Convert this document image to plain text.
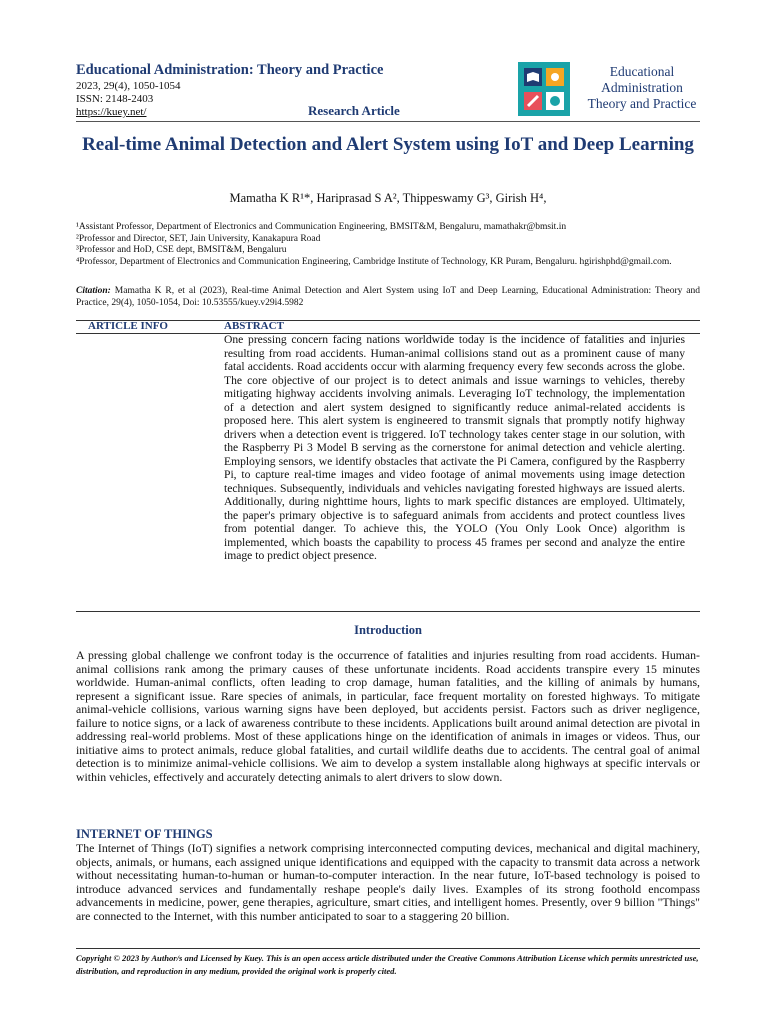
Educational Administration: Theory and Practice
2023, 29(4), 1050-1054
ISSN: 2148-2403
https://kuey.net/	Research Article
Educational
Administration
Theory and Practice
Real-time Animal Detection and Alert System using IoT and Deep Learning
Mamatha K R¹*, Hariprasad S A², Thippeswamy G³, Girish H⁴,

¹Assistant Professor, Department of Electronics and Communication Engineering, BMSIT&M, Bengaluru, mamathakr@bmsit.in

²Professor and Director, SET, Jain University, Kanakapura Road

³Professor and HoD, CSE dept, BMSIT&M, Bengaluru

⁴Professor, Department of Electronics and Communication Engineering, Cambridge Institute of Technology, KR Puram, Bengaluru. hgirishphd@gmail.com.

Citation: Mamatha K R, et al (2023), Real-time Animal Detection and Alert System using IoT and Deep Learning, Educational Administration: Theory and Practice, 29(4), 1050-1054, Doi: 10.53555/kuey.v29i4.5982
ARTICLE INFO	ABSTRACT
One pressing concern facing nations worldwide today is the incidence of fatalities and injuries resulting from road accidents. Human-animal collisions stand out as a prominent cause of many fatal accidents. Road accidents occur with alarming frequency every few seconds across the globe. The core objective of our project is to detect animals and issue warnings to vehicles, thereby mitigating highway accidents involving animals. Leveraging IoT technology, the implementation of a detection and alert system designed to significantly reduce animal-related accidents is proposed here. This alert system is engineered to transmit signals that promptly notify highway drivers when a detection event is triggered. IoT technology takes center stage in our solution, with the Raspberry Pi 3 Model B serving as the cornerstone for animal detection and vehicle alerting. Employing sensors, we identify obstacles that activate the Pi Camera, configured by the Raspberry Pi, to capture real-time images and video footage of animal movements using image detection techniques. Subsequently, individuals and vehicles navigating forested highways are issued alerts. Additionally, during nighttime hours, lights to mark specific distances are employed. Ultimately, the paper's primary objective is to safeguard animals from accidents and protect countless lives from potential danger. To achieve this, the YOLO (You Only Look Once) algorithm is implemented, which boasts the capability to process 45 frames per second and analyze the entire image to predict object presence.
Introduction
A pressing global challenge we confront today is the occurrence of fatalities and injuries resulting from road accidents. Human-animal collisions rank among the primary causes of these unfortunate incidents. Road accidents transpire every 15 minutes worldwide. Human-animal conflicts, often leading to crop damage, human fatalities, and the killing of animals by humans, represent a significant issue. Rare species of animals, in particular, face frequent mortality on forested highways. To mitigate animal-vehicle collisions, various warning signs have been deployed, but accidents persist. Factors such as driver negligence, failure to notice signs, or a lack of awareness contribute to these incidents. Applications built around animal detection are pivotal in addressing real-world problems. Most of these applications hinge on the identification of animals in images or videos. Thus, our initiative aims to protect animals, reduce global fatalities, and curtail wildlife deaths due to accidents. The central goal of animal detection is to minimize animal-vehicle collisions. We aim to develop a system installable along highways at specific intervals or within vehicles, effectively and accurately detecting animals to alert drivers to slow down.
INTERNET OF THINGS
The Internet of Things (IoT) signifies a network comprising interconnected computing devices, mechanical and digital machinery, objects, animals, or humans, each assigned unique identifications and equipped with the capacity to transmit data across a network without necessitating human-to-human or human-to-computer interaction. In the near future, IoT-based technology is poised to introduce advanced services and fundamentally reshape people's daily lives. Examples of its strong foothold encompass advancements in medicine, power, gene therapies, agriculture, smart cities, and intelligent homes. Presently, over 9 billion "Things" are connected to the Internet, with this number anticipated to soar to a staggering 20 billion.
Copyright © 2023 by Author/s and Licensed by Kuey. This is an open access article distributed under the Creative Commons Attribution License which permits unrestricted use, distribution, and reproduction in any medium, provided the original work is properly cited.
